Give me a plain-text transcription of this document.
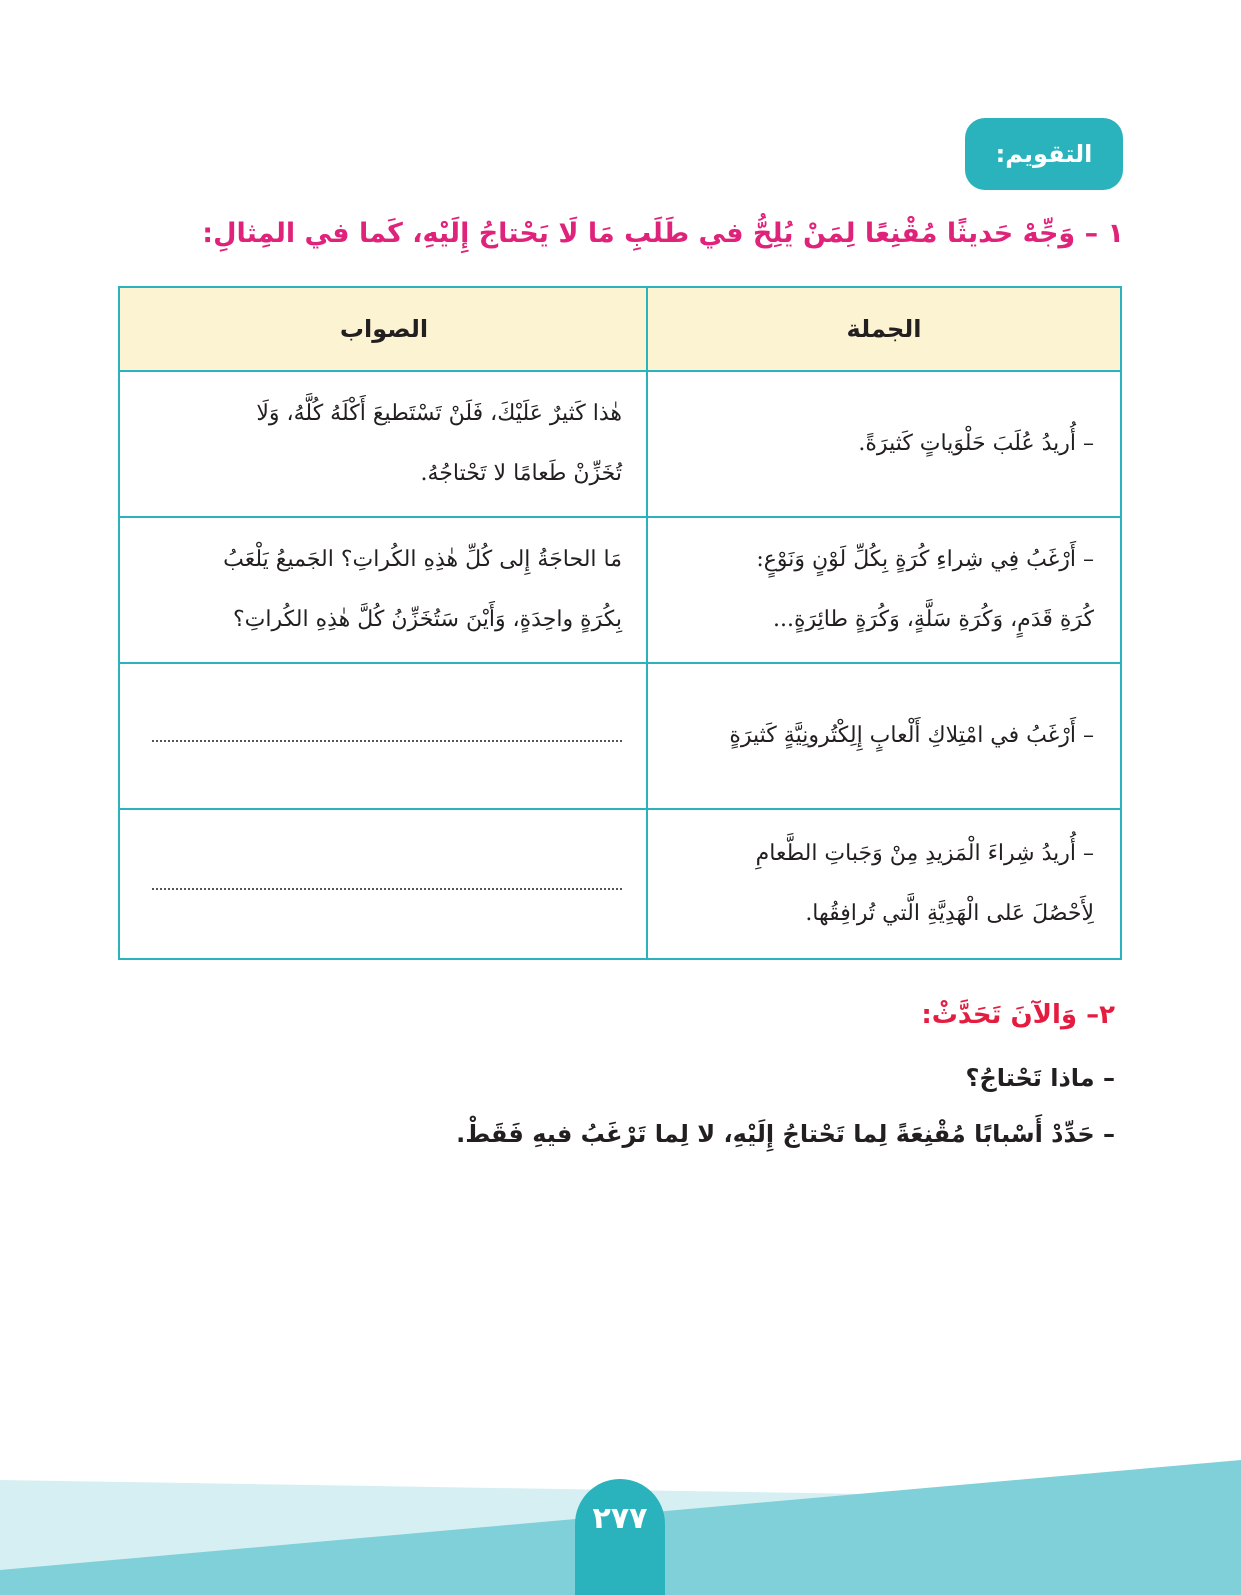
التقويم:
١ – وَجِّهْ حَديثًا مُقْنِعًا لِمَنْ يُلِحُّ في طَلَبِ مَا لَا يَحْتاجُ إِلَيْهِ، كَما في المِثالِ:
الجملة
الصواب
– أُريدُ عُلَبَ حَلْوَياتٍ كَثيرَةً.
هٰذا كَثيرٌ عَلَيْكَ، فَلَنْ تَسْتَطيعَ أَكْلَهُ كُلَّهُ، وَلَا
تُخَزِّنْ طَعامًا لا تَحْتاجُهُ.
– أَرْغَبُ فِي شِراءِ كُرَةٍ بِكُلِّ لَوْنٍ وَنَوْعٍ:
كُرَةِ قَدَمٍ، وَكُرَةِ سَلَّةٍ، وَكُرَةٍ طائِرَةٍ...
مَا الحاجَةُ إِلى كُلِّ هٰذِهِ الكُراتِ؟ الجَميعُ يَلْعَبُ
بِكُرَةٍ واحِدَةٍ، وَأَيْنَ سَتُخَزِّنُ كُلَّ هٰذِهِ الكُراتِ؟
– أَرْغَبُ في امْتِلاكِ أَلْعابٍ إِلِكْتُرونِيَّةٍ كَثيرَةٍ
– أُريدُ شِراءَ الْمَزيدِ مِنْ وَجَباتِ الطَّعامِ
لِأَحْصُلَ عَلى الْهَدِيَّةِ الَّتي تُرافِقُها.
٢– وَالآنَ تَحَدَّثْ:
– ماذا تَحْتاجُ؟
– حَدِّدْ أَسْبابًا مُقْنِعَةً لِما تَحْتاجُ إِلَيْهِ، لا لِما تَرْغَبُ فيهِ فَقَطْ.
٢٧٧
